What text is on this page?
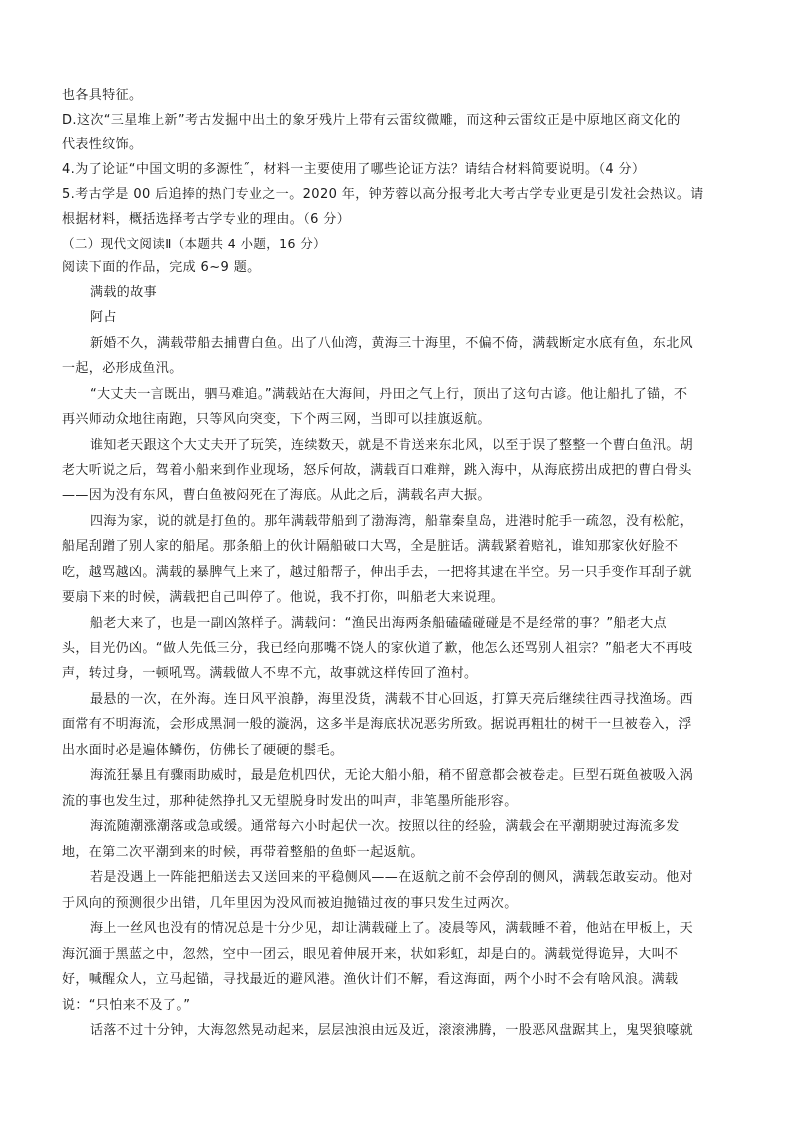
也各具特征。
D.这次“三星堆上新”考古发掘中出土的象牙残片上带有云雷纹微雕，而这种云雷纹正是中原地区商文化的
代表性纹饰。
4.为了论证“中国文明的多源性˝，材料一主要使用了哪些论证方法？请结合材料简要说明。（4 分）
5.考古学是 00 后追捧的热门专业之一。2020 年，钟芳蓉以高分报考北大考古学专业更是引发社会热议。请
根据材料，概括选择考古学专业的理由。（6 分）
（二）现代文阅读Ⅱ（本题共 4 小题，16 分）
阅读下面的作品，完成 6~9 题。
满载的故事
阿占
新婚不久，满载带船去捕曹白鱼。出了八仙湾，黄海三十海里，不偏不倚，满载断定水底有鱼，东北风
一起，必形成鱼汛。
“大丈夫一言既出，驷马难追。”满载站在大海间，丹田之气上行，顶出了这句古谚。他让船扎了锚，不
再兴师动众地往南跑，只等风向突变，下个两三网，当即可以挂旗返航。
谁知老天跟这个大丈夫开了玩笑，连续数天，就是不肯送来东北风，以至于误了整整一个曹白鱼汛。胡
老大听说之后，驾着小船来到作业现场，怒斥何故，满载百口难辩，跳入海中，从海底捞出成把的曹白骨头
——因为没有东风，曹白鱼被闷死在了海底。从此之后，满载名声大振。
四海为家，说的就是打鱼的。那年满载带船到了渤海湾，船靠秦皇岛，进港时舵手一疏忽，没有松舵，
船尾刮蹭了别人家的船尾。那条船上的伙计隔船破口大骂，全是脏话。满载紧着赔礼，谁知那家伙好脸不
吃，越骂越凶。满载的暴脾气上来了，越过船帮子，伸出手去，一把将其逮在半空。另一只手变作耳刮子就
要扇下来的时候，满载把自己叫停了。他说，我不打你，叫船老大来说理。
船老大来了，也是一副凶煞样子。满载问：“渔民出海两条船磕磕碰碰是不是经常的事？”船老大点
头，目光仍凶。“做人先低三分，我已经向那嘴不饶人的家伙道了歉，他怎么还骂别人祖宗？”船老大不再吱
声，转过身，一顿吼骂。满载做人不卑不亢，故事就这样传回了渔村。
最悬的一次，在外海。连日风平浪静，海里没货，满载不甘心回返，打算天亮后继续往西寻找渔场。西
面常有不明海流，会形成黑洞一般的漩涡，这多半是海底状况恶劣所致。据说再粗壮的树干一旦被卷入，浮
出水面时必是遍体鳞伤，仿佛长了硬硬的鬃毛。
海流狂暴且有骤雨助威时，最是危机四伏，无论大船小船，稍不留意都会被卷走。巨型石斑鱼被吸入涡
流的事也发生过，那种徒然挣扎又无望脱身时发出的叫声，非笔墨所能形容。
海流随潮涨潮落或急或缓。通常每六小时起伏一次。按照以往的经验，满载会在平潮期驶过海流多发
地，在第二次平潮到来的时候，再带着整船的鱼虾一起返航。
若是没遇上一阵能把船送去又送回来的平稳侧风——在返航之前不会停刮的侧风，满载怎敢妄动。他对
于风向的预测很少出错，几年里因为没风而被迫抛锚过夜的事只发生过两次。
海上一丝风也没有的情况总是十分少见，却让满载碰上了。凌晨等风，满载睡不着，他站在甲板上，天
海沉湎于黑蓝之中，忽然，空中一团云，眼见着伸展开来，状如彩虹，却是白的。满载觉得诡异，大叫不
好，喊醒众人，立马起锚，寻找最近的避风港。渔伙计们不解，看这海面，两个小时不会有啥风浪。满载
说：“只怕来不及了。”
话落不过十分钟，大海忽然晃动起来，层层浊浪由远及近，滚滚沸腾，一股恶风盘踞其上，鬼哭狼嚎就
